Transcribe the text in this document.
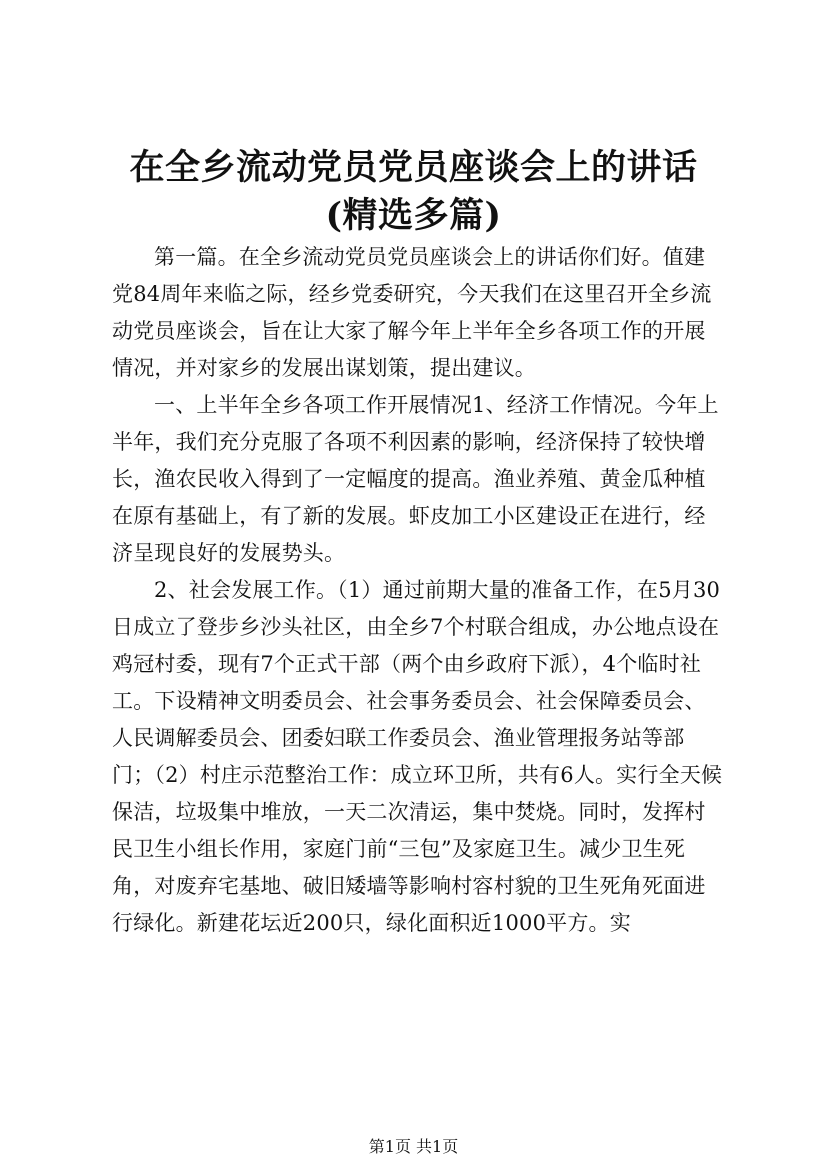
在全乡流动党员党员座谈会上的讲话(精选多篇)

第一篇。在全乡流动党员党员座谈会上的讲话你们好。值建党84周年来临之际，经乡党委研究，今天我们在这里召开全乡流动党员座谈会，旨在让大家了解今年上半年全乡各项工作的开展情况，并对家乡的发展出谋划策，提出建议。

一、上半年全乡各项工作开展情况1、经济工作情况。今年上半年，我们充分克服了各项不利因素的影响，经济保持了较快增长，渔农民收入得到了一定幅度的提高。渔业养殖、黄金瓜种植在原有基础上，有了新的发展。虾皮加工小区建设正在进行，经济呈现良好的发展势头。

2、社会发展工作。（1）通过前期大量的准备工作，在5月30日成立了登步乡沙头社区，由全乡7个村联合组成，办公地点设在鸡冠村委，现有7个正式干部（两个由乡政府下派），4个临时社工。下设精神文明委员会、社会事务委员会、社会保障委员会、人民调解委员会、团委妇联工作委员会、渔业管理报务站等部门；（2）村庄示范整治工作：成立环卫所，共有6人。实行全天候保洁，垃圾集中堆放，一天二次清运，集中焚烧。同时，发挥村民卫生小组长作用，家庭门前“三包”及家庭卫生。减少卫生死角，对废弃宅基地、破旧矮墙等影响村容村貌的卫生死角死面进行绿化。新建花坛近200只，绿化面积近1000平方。实

第1页 共1页
